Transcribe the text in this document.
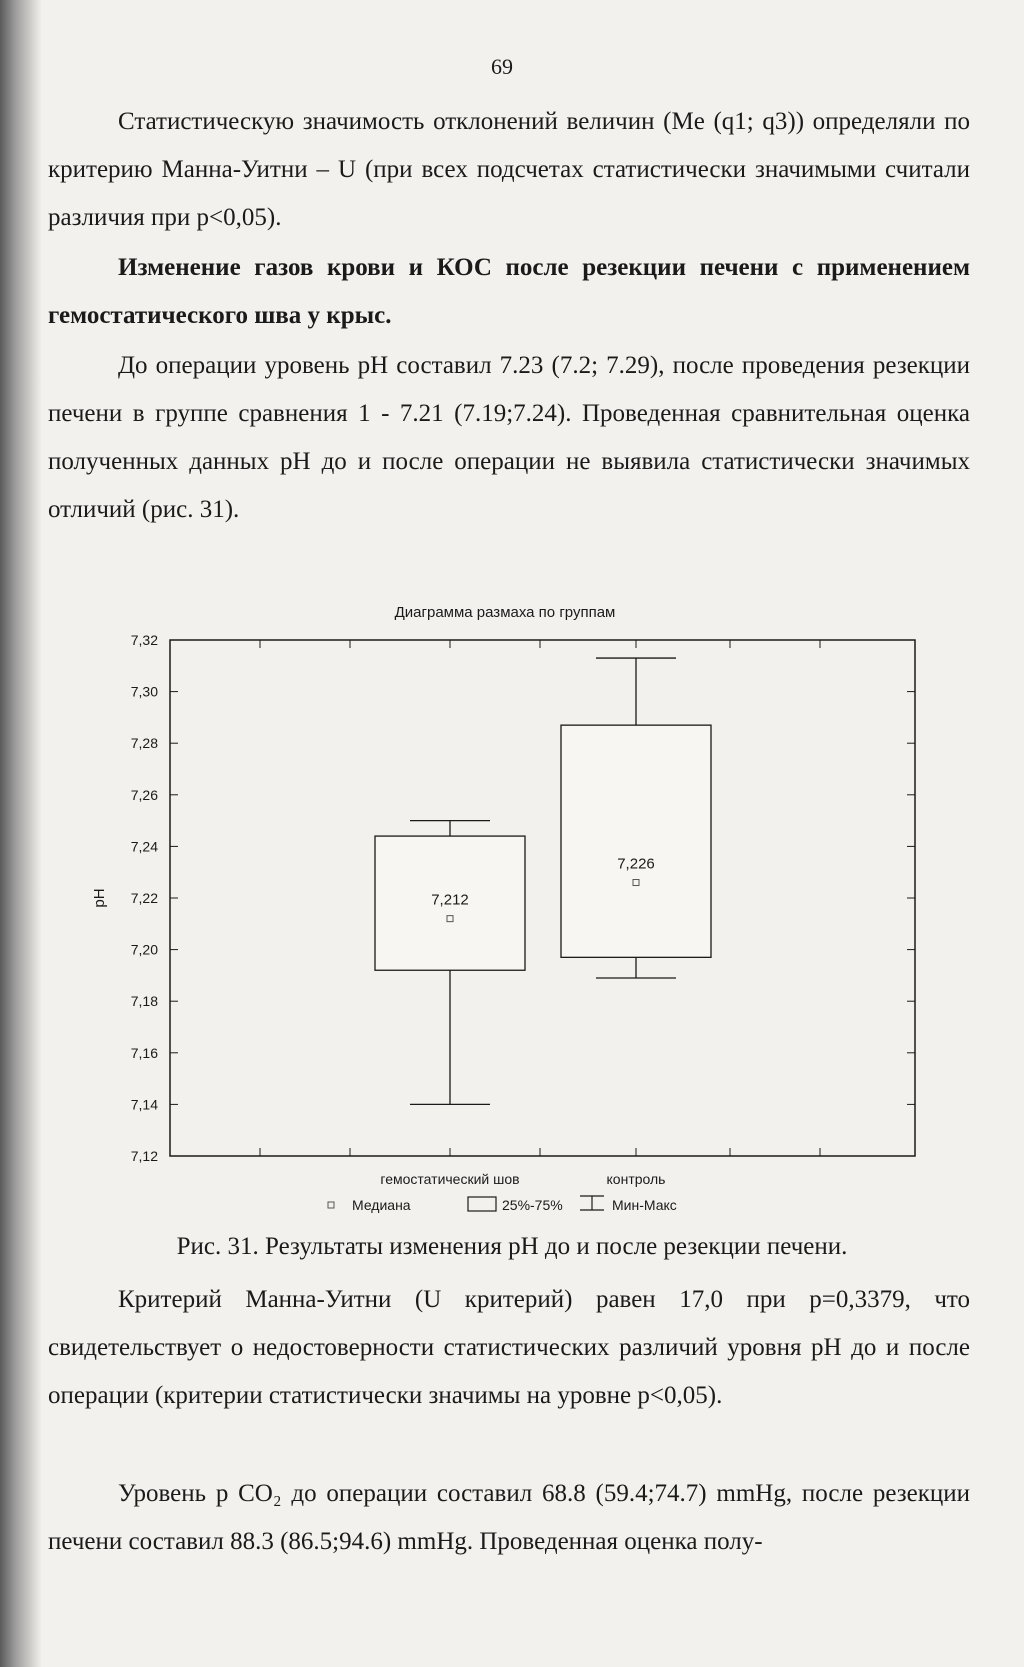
69

Статистическую значимость отклонений величин (Me (q1; q3)) определяли по критерию Манна-Уитни – U (при всех подсчетах статистически значимыми считали различия при p<0,05).

Изменение газов крови и КОС после резекции печени с применением гемостатического шва у крыс.

До операции уровень pH составил 7.23 (7.2; 7.29), после проведения резекции печени в группе сравнения 1 - 7.21 (7.19;7.24). Проведенная сравнительная оценка полученных данных pH до и после операции не выявила статистически значимых отличий (рис. 31).

Диаграмма размаха по группам
7,12
7,14
7,16
7,18
7,20
7,22
7,24
7,26
7,28
7,30
7,32
pH	7,212
гемостатический шов
7,226
контроль
Медиана	25%-75%	Мин-Макс
Рис. 31. Результаты изменения pH до и после резекции печени.

Критерий Манна-Уитни (U критерий) равен 17,0 при p=0,3379, что свидетельствует о недостоверности статистических различий уровня pH до и после операции (критерии статистически значимы на уровне p<0,05).

Уровень p CO₂ до операции составил 68.8 (59.4;74.7) mmHg, после резекции печени составил 88.3 (86.5;94.6) mmHg. Проведенная оценка полу-
